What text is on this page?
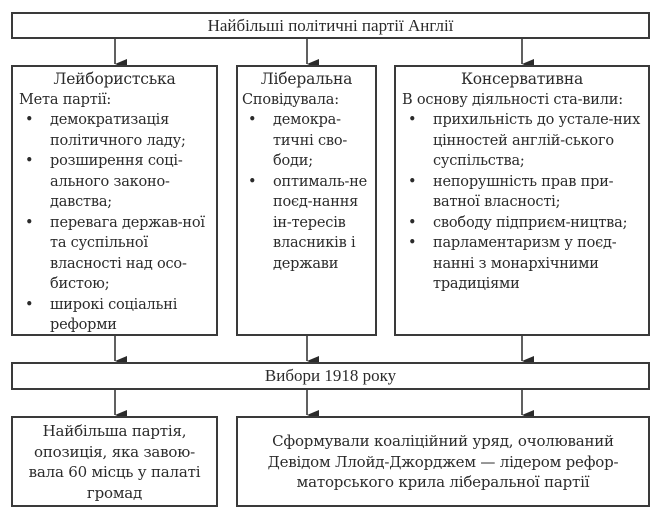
Найбільші політичні партії Англії
Лейбористська
Мета партії:
• демократизація політичного ладу;
• розширення соці-ального законо-давства;
• перевага держав-ної та суспільної власності над осо-бистою;
• широкі соціальні реформи
Ліберальна
Сповідувала:
• демокра-тичні сво-боди;
• оптималь-не поєд-нання ін-тересів власників і держави
Консервативна
В основу діяльності ста-вили:
• прихильність до устале-них цінностей англій-ського суспільства;
• непорушність прав при-ватної власності;
• свободу підприєм-ництва;
• парламентаризм у поєд-нанні з монархічними традиціями
Вибори 1918 року
Найбільша партія, опозиція, яка завою-вала 60 місць у палаті громад
Сформували коаліційний уряд, очолюваний Девідом Ллойд-Джорджем — лідером рефор-маторського крила ліберальної партії
